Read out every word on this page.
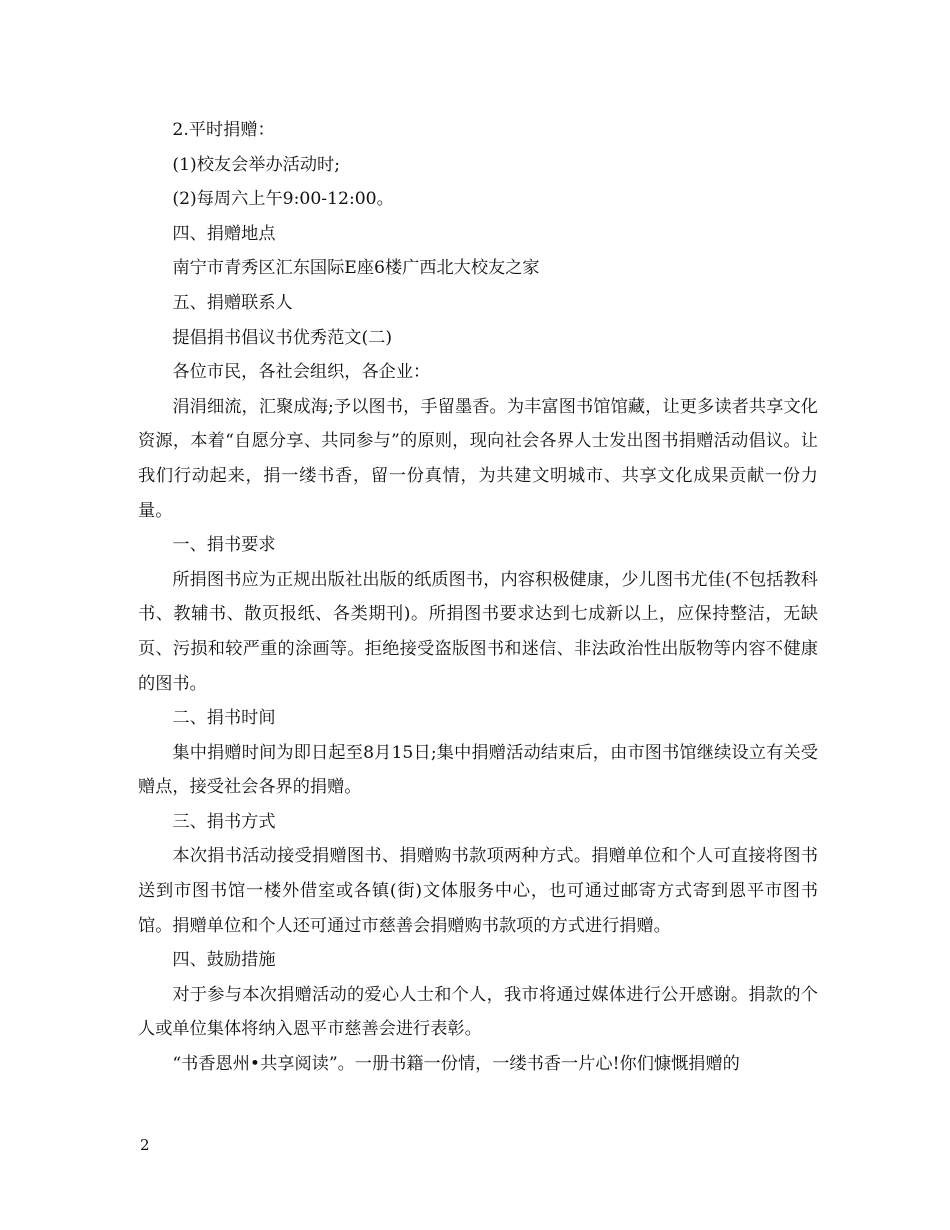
2.平时捐赠：

(1)校友会举办活动时;

(2)每周六上午9:00-12:00。

四、捐赠地点

南宁市青秀区汇东国际E座6楼广西北大校友之家

五、捐赠联系人

提倡捐书倡议书优秀范文(二)

各位市民，各社会组织，各企业：

涓涓细流，汇聚成海;予以图书，手留墨香。为丰富图书馆馆藏，让更多读者共享文化资源，本着“自愿分享、共同参与”的原则，现向社会各界人士发出图书捐赠活动倡议。让我们行动起来，捐一缕书香，留一份真情，为共建文明城市、共享文化成果贡献一份力量。

一、捐书要求

所捐图书应为正规出版社出版的纸质图书，内容积极健康，少儿图书尤佳(不包括教科书、教辅书、散页报纸、各类期刊)。所捐图书要求达到七成新以上，应保持整洁，无缺页、污损和较严重的涂画等。拒绝接受盗版图书和迷信、非法政治性出版物等内容不健康的图书。

二、捐书时间

集中捐赠时间为即日起至8月15日;集中捐赠活动结束后，由市图书馆继续设立有关受赠点，接受社会各界的捐赠。

三、捐书方式

本次捐书活动接受捐赠图书、捐赠购书款项两种方式。捐赠单位和个人可直接将图书送到市图书馆一楼外借室或各镇(街)文体服务中心，也可通过邮寄方式寄到恩平市图书馆。捐赠单位和个人还可通过市慈善会捐赠购书款项的方式进行捐赠。

四、鼓励措施

对于参与本次捐赠活动的爱心人士和个人，我市将通过媒体进行公开感谢。捐款的个人或单位集体将纳入恩平市慈善会进行表彰。

“书香恩州•共享阅读”。一册书籍一份情，一缕书香一片心!你们慷慨捐赠的

2
